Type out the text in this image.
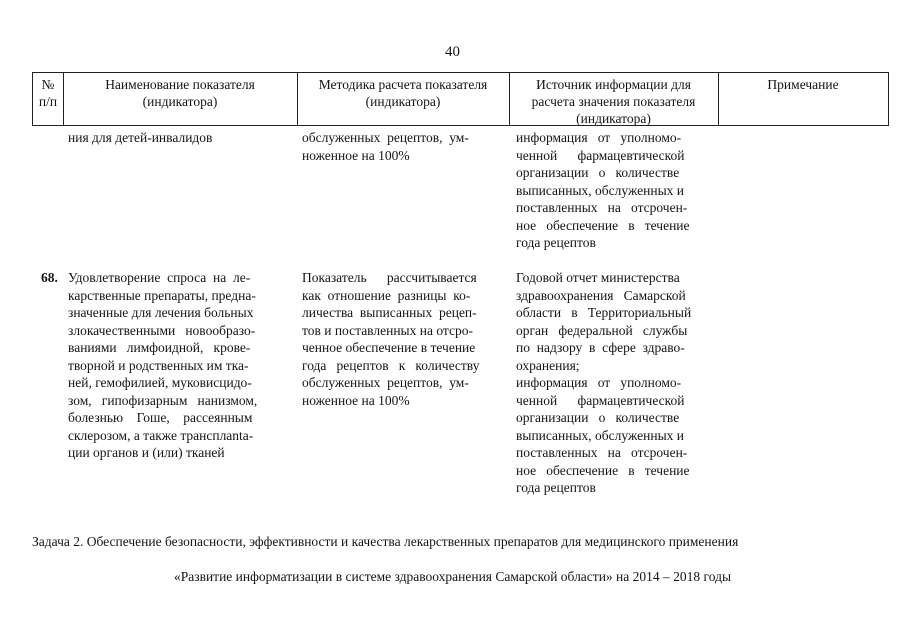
40
№
п/п
Наименование показателя
(индикатора)
Методика расчета показателя
(индикатора)
Источник информации для
расчета значения показателя
(индикатора)
Примечание
ния для детей-инвалидов	обслуженных  рецептов,  ум-
ноженное на 100%
информация   от   уполномо-
ченной      фармацевтической
организации   о   количестве
выписанных, обслуженных и
поставленных   на   отсрочен-
ное   обеспечение   в   течение
года рецептов
68. Удовлетворение  спроса  на  ле-
карственные препараты, предна-
значенные для лечения больных
злокачественными   новообразо-
ваниями   лимфоидной,   крове-
творной и родственных им тка-
ней, гемофилией, муковисцидо-
зом,   гипофизарным   нанизмом,
болезнью    Гоше,    рассеянным
склерозом, а также трансплanta-
ции органов и (или) тканей
Показатель      рассчитывается
как  отношение  разницы  ко-
личества  выписанных  рецеп-
тов и поставленных на отсро-
ченное обеспечение в течение
года   рецептов   к   количеству
обслуженных  рецептов,  ум-
ноженное на 100%
Годовой отчет министерства
здравоохранения   Самарской
области   в   Территориальный
орган   федеральной   службы
по  надзору  в  сфере  здраво-
охранения;
информация   от   уполномо-
ченной      фармацевтической
организации   о   количестве
выписанных, обслуженных и
поставленных   на   отсрочен-
ное   обеспечение   в   течение
года рецептов
Задача 2. Обеспечение безопасности, эффективности и качества лекарственных препаратов для медицинского применения
«Развитие информатизации в системе здравоохранения Самарской области» на 2014 – 2018 годы
